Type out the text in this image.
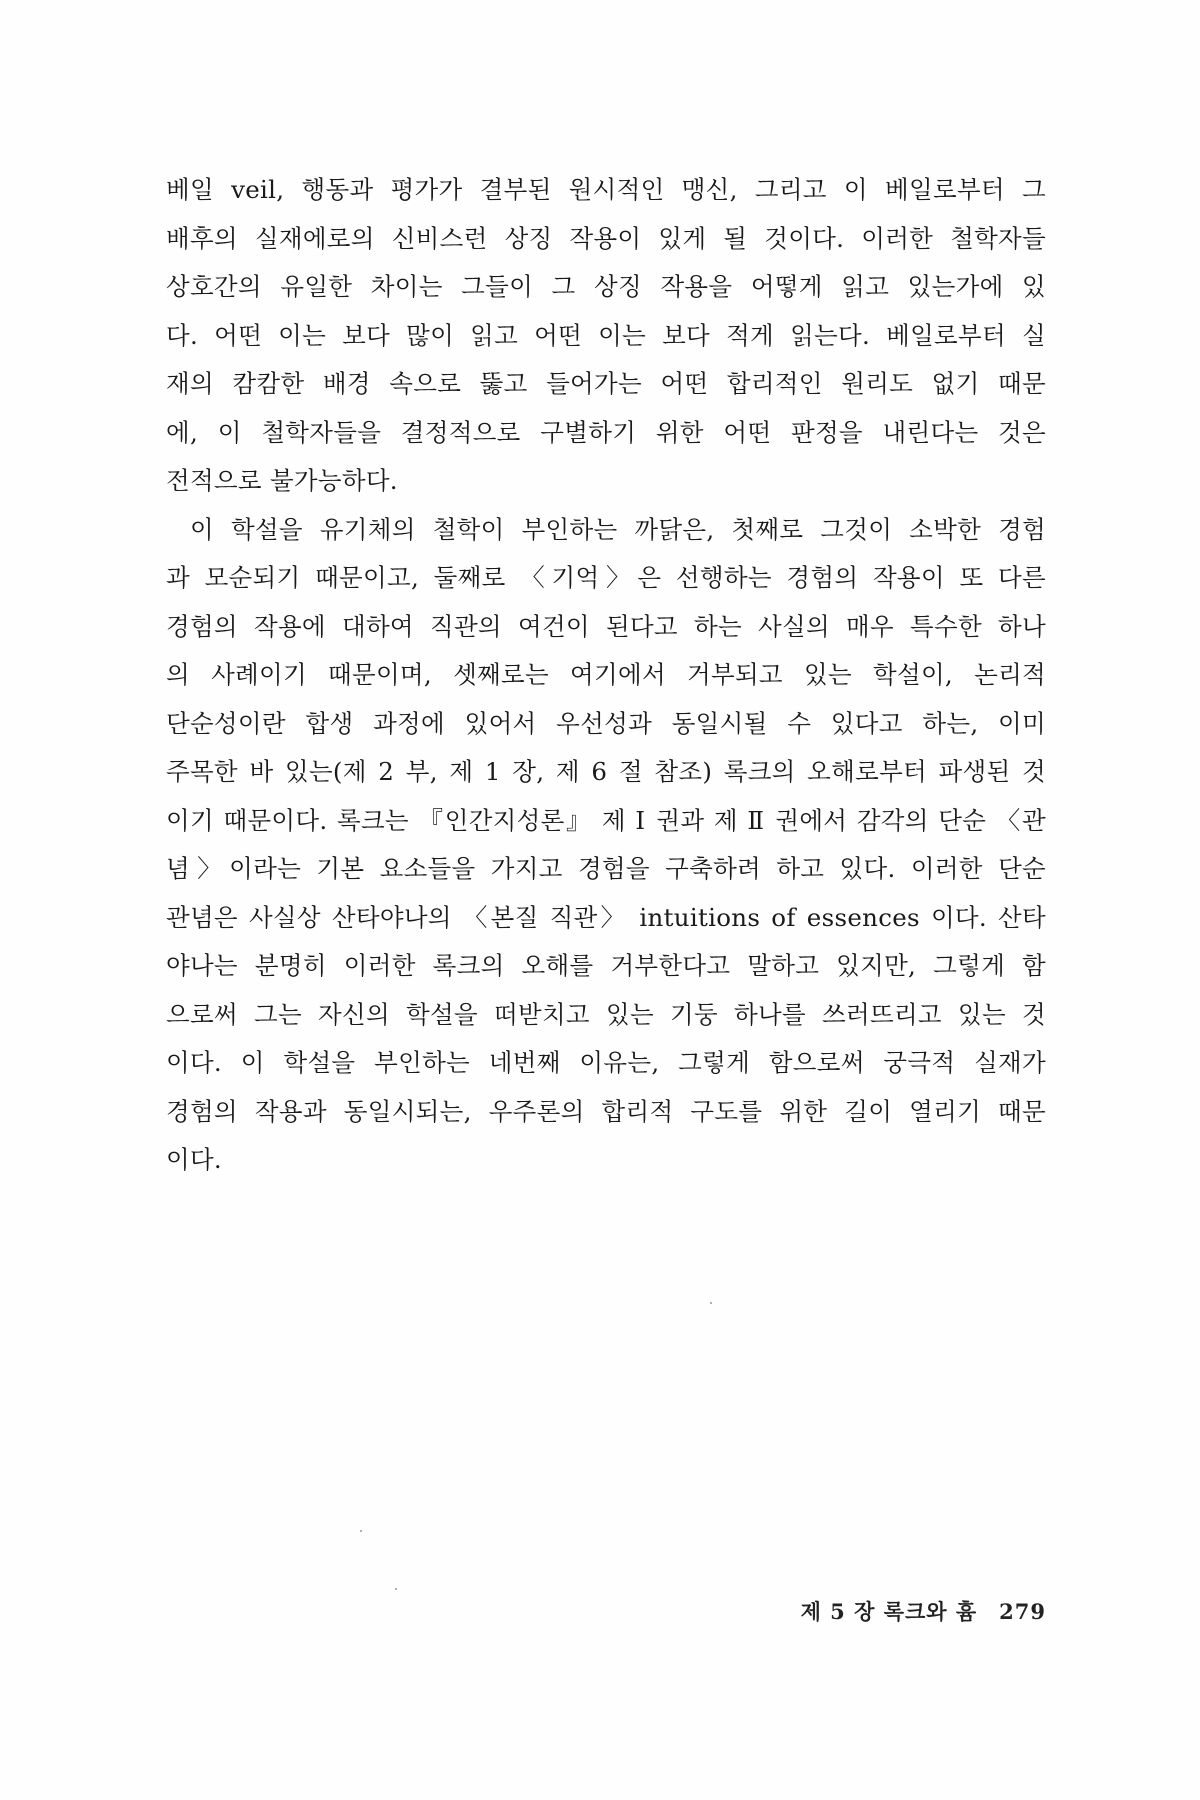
베일 veil, 행동과 평가가 결부된 원시적인 맹신, 그리고 이 베일로부터 그
배후의 실재에로의 신비스런 상징 작용이 있게 될 것이다. 이러한 철학자들
상호간의 유일한 차이는 그들이 그 상징 작용을 어떻게 읽고 있는가에 있
다. 어떤 이는 보다 많이 읽고 어떤 이는 보다 적게 읽는다. 베일로부터 실
재의 캄캄한 배경 속으로 뚫고 들어가는 어떤 합리적인 원리도 없기 때문
에, 이 철학자들을 결정적으로 구별하기 위한 어떤 판정을 내린다는 것은
전적으로 불가능하다.
이 학설을 유기체의 철학이 부인하는 까닭은, 첫째로 그것이 소박한 경험
과 모순되기 때문이고, 둘째로 〈기억〉은 선행하는 경험의 작용이 또 다른
경험의 작용에 대하여 직관의 여건이 된다고 하는 사실의 매우 특수한 하나
의 사례이기 때문이며, 셋째로는 여기에서 거부되고 있는 학설이, 논리적
단순성이란 합생 과정에 있어서 우선성과 동일시될 수 있다고 하는, 이미
주목한 바 있는(제 2 부, 제 1 장, 제 6 절 참조) 록크의 오해로부터 파생된 것
이기 때문이다. 록크는 『인간지성론』 제 Ⅰ 권과 제 Ⅱ 권에서 감각의 단순 〈관
념〉이라는 기본 요소들을 가지고 경험을 구축하려 하고 있다. 이러한 단순
관념은 사실상 산타야나의 〈본질 직관〉 intuitions of essences 이다. 산타
야나는 분명히 이러한 록크의 오해를 거부한다고 말하고 있지만, 그렇게 함
으로써 그는 자신의 학설을 떠받치고 있는 기둥 하나를 쓰러뜨리고 있는 것
이다. 이 학설을 부인하는 네번째 이유는, 그렇게 함으로써 궁극적 실재가
경험의 작용과 동일시되는, 우주론의 합리적 구도를 위한 길이 열리기 때문
이다.
제 5 장 록크와 흄 279
